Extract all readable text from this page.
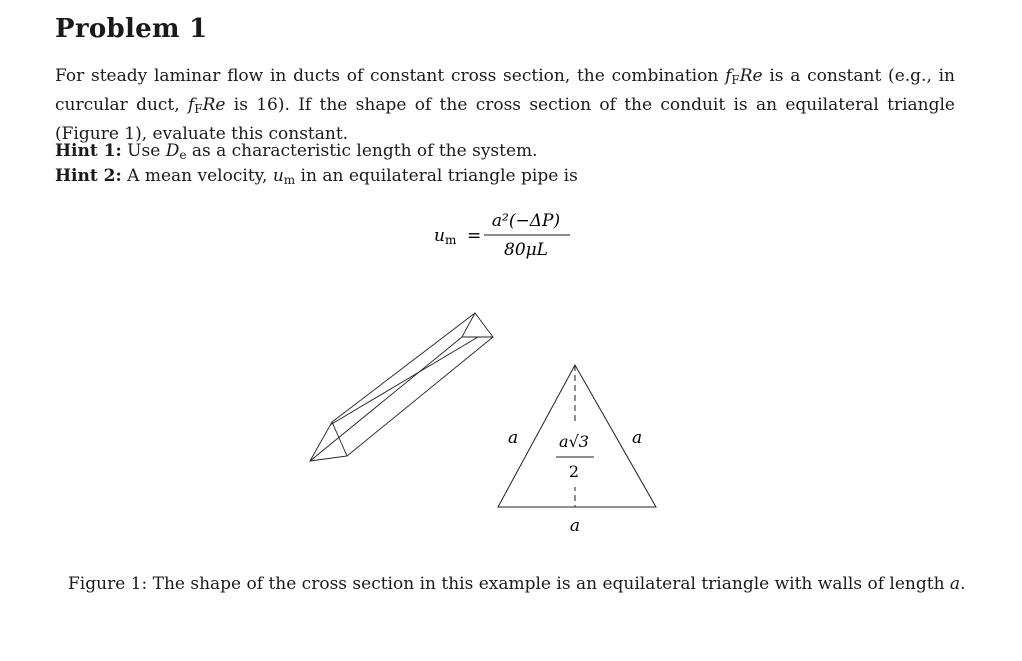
Problem 1
For steady laminar flow in ducts of constant cross section, the combination $f_FRe$ is a constant (e.g., in curcular duct, $f_FRe$ is 16). If the shape of the cross section of the conduit is an equilateral triangle (Figure 1), evaluate this constant.
Hint 1: Use $D_e$ as a characteristic length of the system.
Hint 2: A mean velocity, $u_m$ in an equilateral triangle pipe is
u m =
a²(−ΔP)
80μL
a	a
a√3
2
a
Figure 1: The shape of the cross section in this example is an equilateral triangle with walls of length a.
